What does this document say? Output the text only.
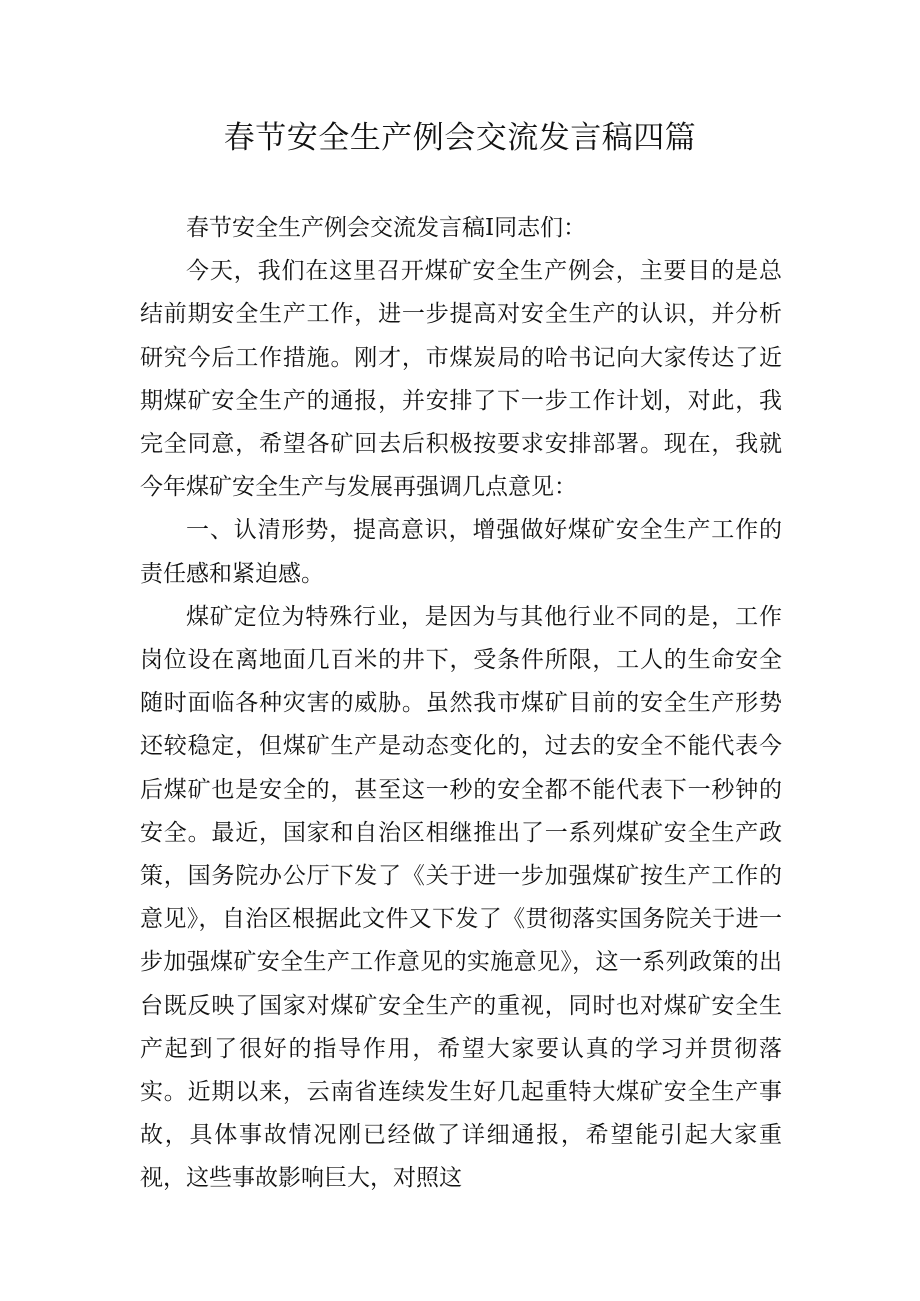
春节安全生产例会交流发言稿四篇

春节安全生产例会交流发言稿Ⅰ同志们：

今天，我们在这里召开煤矿安全生产例会，主要目的是总结前期安全生产工作，进一步提高对安全生产的认识，并分析研究今后工作措施。刚才，市煤炭局的哈书记向大家传达了近期煤矿安全生产的通报，并安排了下一步工作计划，对此，我完全同意，希望各矿回去后积极按要求安排部署。现在，我就今年煤矿安全生产与发展再强调几点意见：

一、认清形势，提高意识，增强做好煤矿安全生产工作的责任感和紧迫感。

煤矿定位为特殊行业，是因为与其他行业不同的是，工作岗位设在离地面几百米的井下，受条件所限，工人的生命安全随时面临各种灾害的威胁。虽然我市煤矿目前的安全生产形势还较稳定，但煤矿生产是动态变化的，过去的安全不能代表今后煤矿也是安全的，甚至这一秒的安全都不能代表下一秒钟的安全。最近，国家和自治区相继推出了一系列煤矿安全生产政策，国务院办公厅下发了《关于进一步加强煤矿按生产工作的意见》，自治区根据此文件又下发了《贯彻落实国务院关于进一步加强煤矿安全生产工作意见的实施意见》，这一系列政策的出台既反映了国家对煤矿安全生产的重视，同时也对煤矿安全生产起到了很好的指导作用，希望大家要认真的学习并贯彻落实。近期以来，云南省连续发生好几起重特大煤矿安全生产事故，具体事故情况刚已经做了详细通报，希望能引起大家重视，这些事故影响巨大，对照这
